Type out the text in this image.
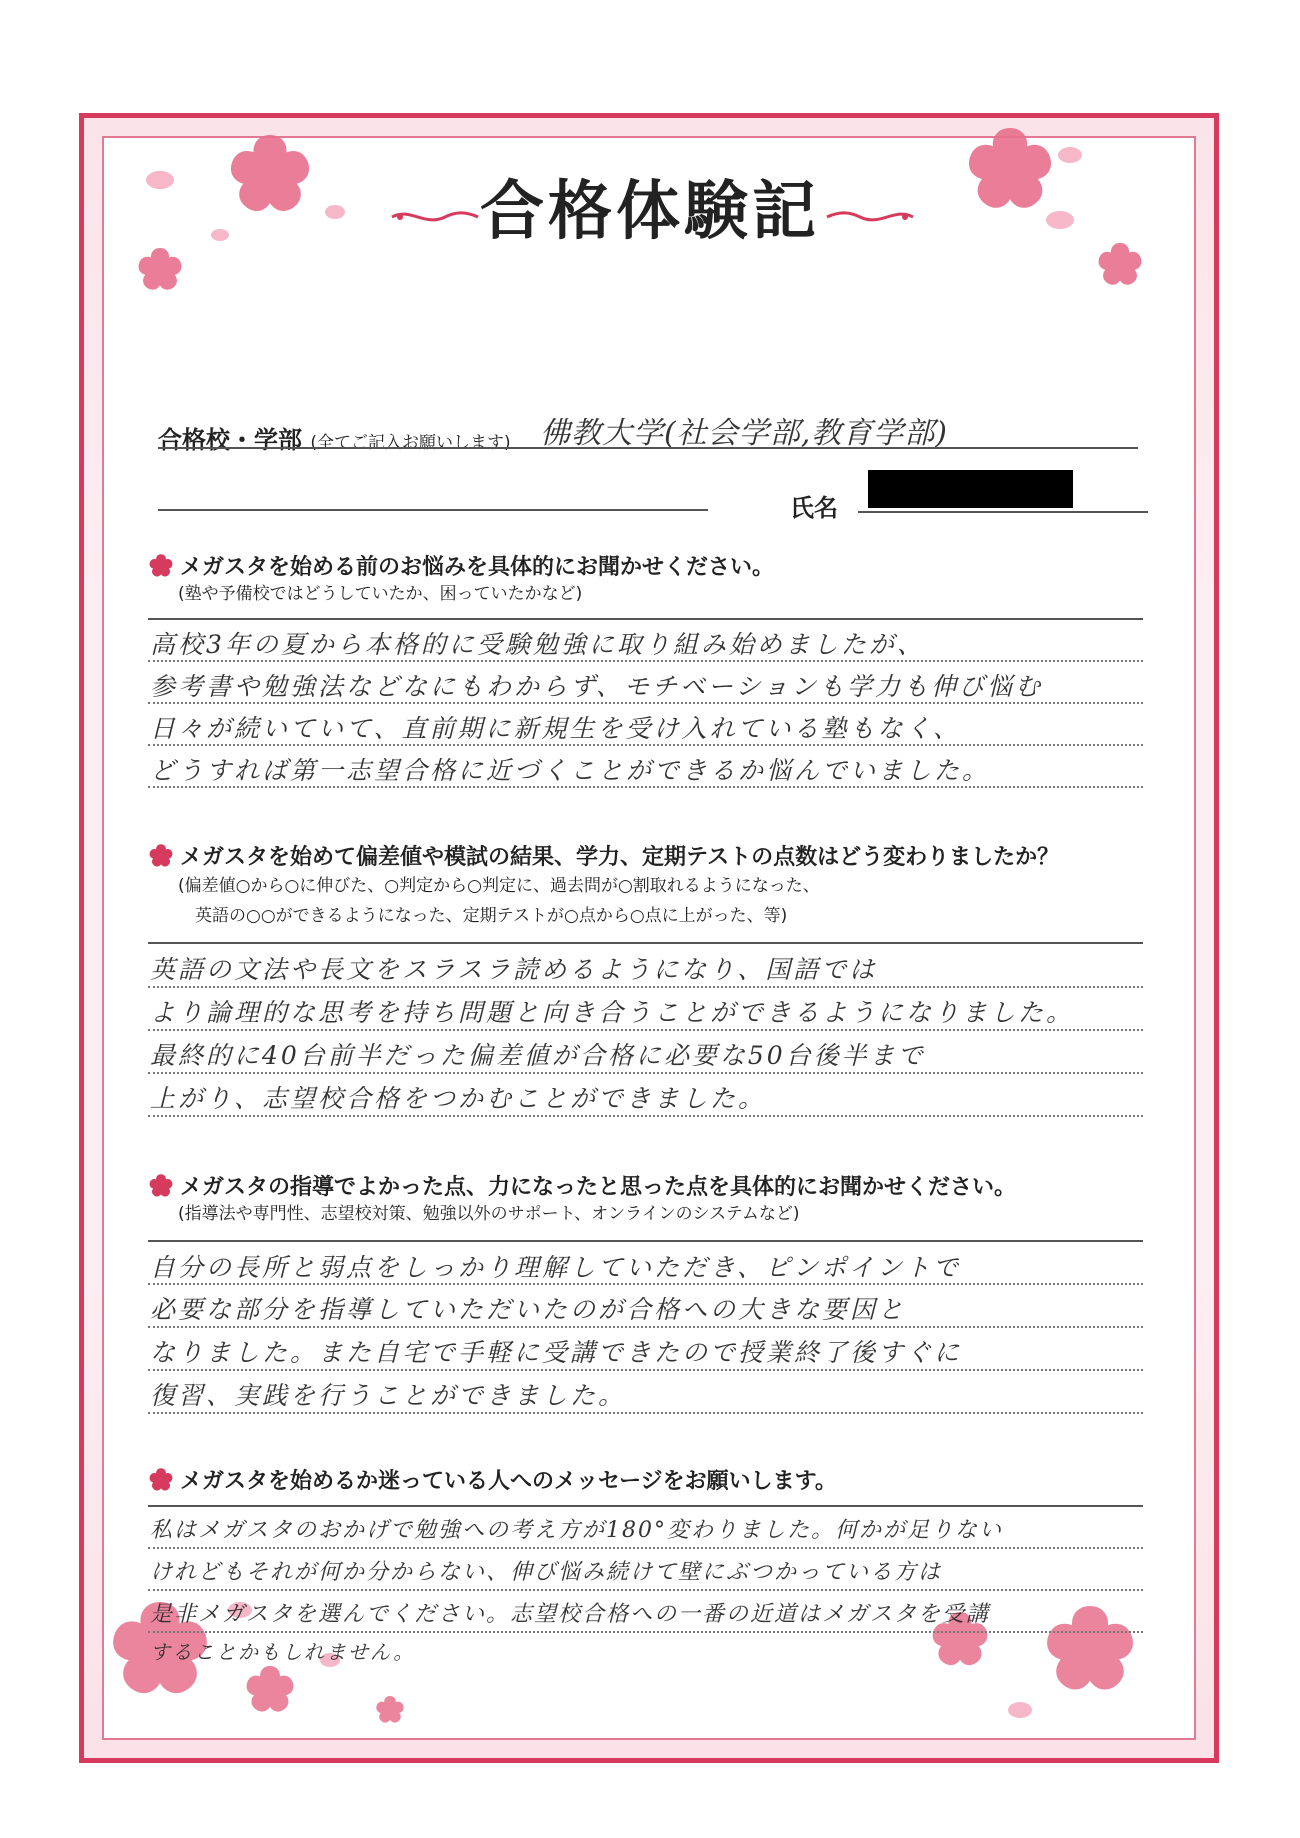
合格体験記
合格校・学部 (全てご記入お願いします) 佛教大学(社会学部,教育学部)
氏名
メガスタを始める前のお悩みを具体的にお聞かせください。
(塾や予備校ではどうしていたか、困っていたかなど)
高校3年の夏から本格的に受験勉強に取り組み始めましたが、
参考書や勉強法などなにもわからず、モチベーションも学力も伸び悩む
日々が続いていて、直前期に新規生を受け入れている塾もなく、
どうすれば第一志望合格に近づくことができるか悩んでいました。
メガスタを始めて偏差値や模試の結果、学力、定期テストの点数はどう変わりましたか？
(偏差値○から○に伸びた、○判定から○判定に、過去問が○割取れるようになった、
英語の○○ができるようになった、定期テストが○点から○点に上がった、等)
英語の文法や長文をスラスラ読めるようになり、国語では
より論理的な思考を持ち問題と向き合うことができるようになりました。
最終的に40台前半だった偏差値が合格に必要な50台後半まで
上がり、志望校合格をつかむことができました。
メガスタの指導でよかった点、力になったと思った点を具体的にお聞かせください。
(指導法や専門性、志望校対策、勉強以外のサポート、オンラインのシステムなど)
自分の長所と弱点をしっかり理解していただき、ピンポイントで
必要な部分を指導していただいたのが合格への大きな要因と
なりました。また自宅で手軽に受講できたので授業終了後すぐに
復習、実践を行うことができました。
メガスタを始めるか迷っている人へのメッセージをお願いします。
私はメガスタのおかげで勉強への考え方が180°変わりました。何かが足りない
けれどもそれが何か分からない、伸び悩み続けて壁にぶつかっている方は
是非メガスタを選んでください。志望校合格への一番の近道はメガスタを受講
することかもしれません。
